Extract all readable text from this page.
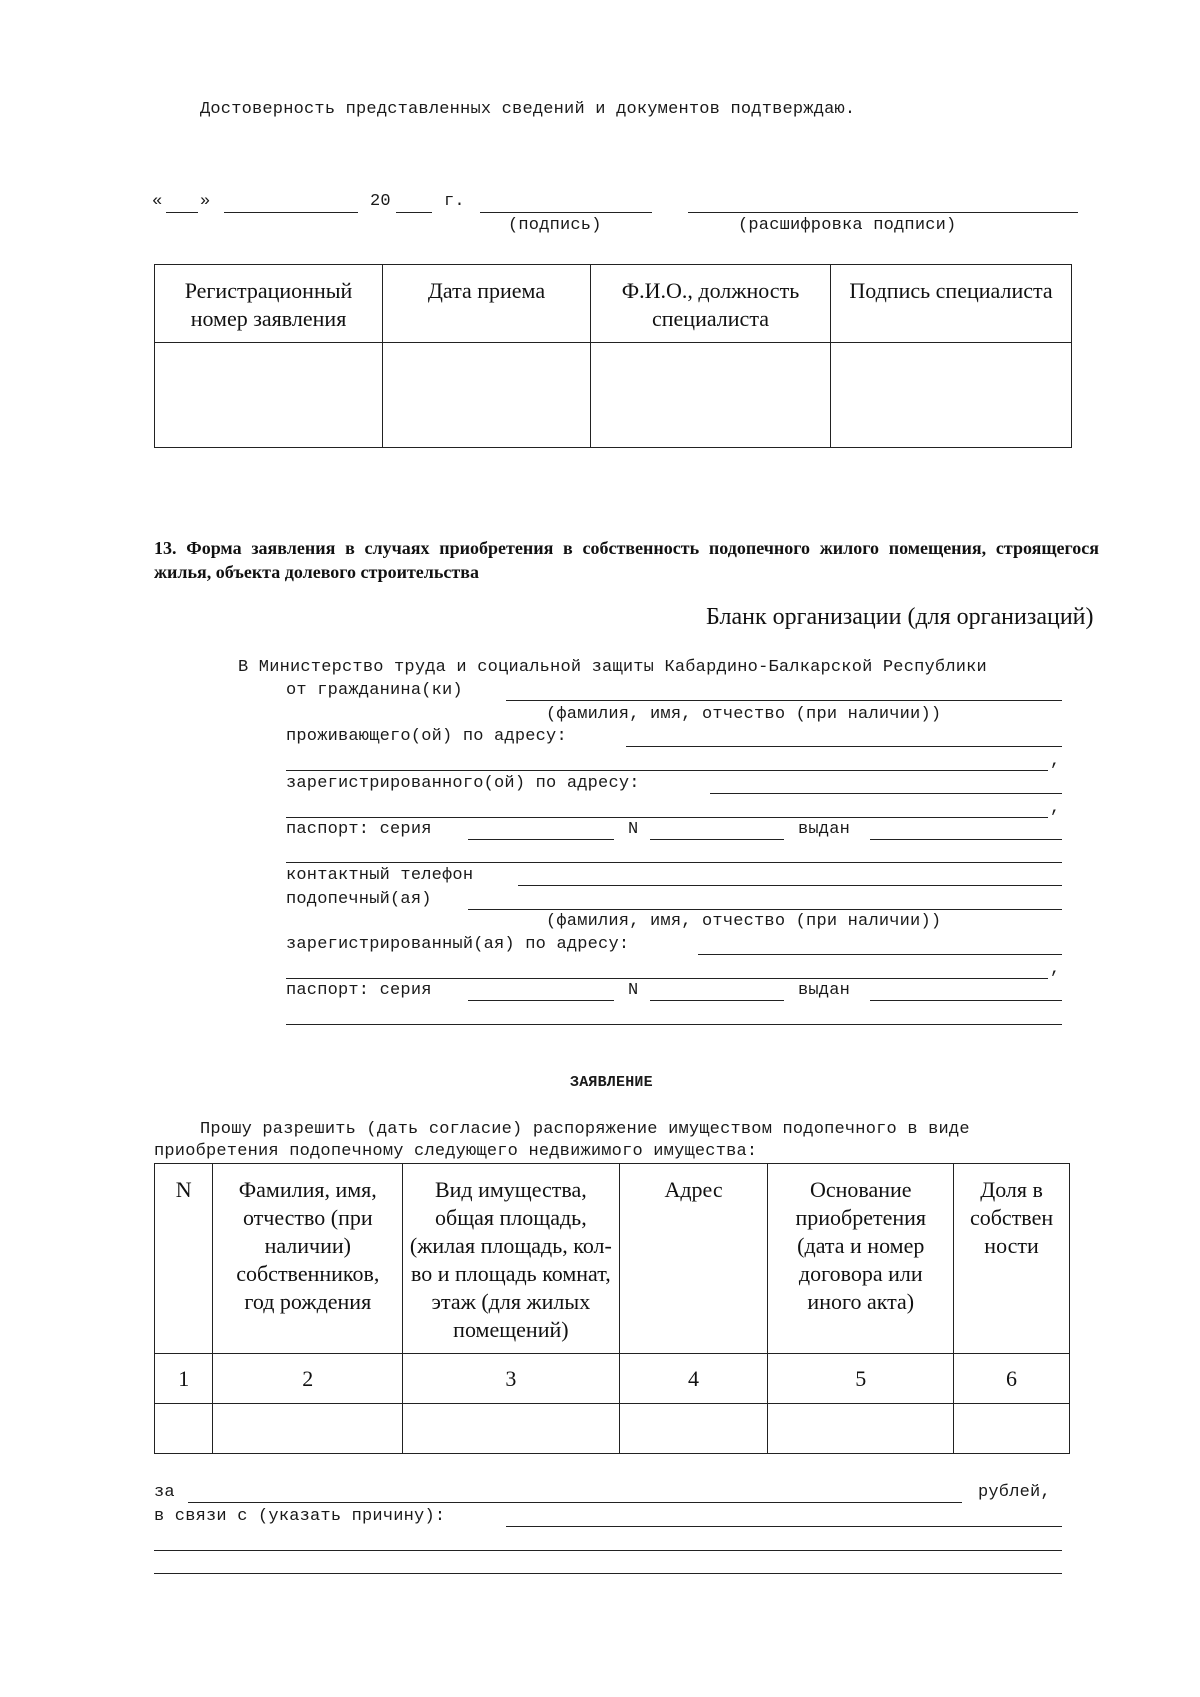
Достоверность представленных сведений и документов подтверждаю.
« »	20	г.
(подпись)	(расшифровка подписи)
Регистрационный номер заявления	Дата приема	Ф.И.О., должность специалиста	Подпись специалиста

13. Форма заявления в случаях приобретения в собственность подопечного жилого помещения, строящегося жилья, объекта долевого строительства
Бланк организации (для организаций)
В Министерство труда и социальной защиты Кабардино-Балкарской Республики
от гражданина(ки)
(фамилия, имя, отчество (при наличии))
проживающего(ой) по адресу:
,
зарегистрированного(ой) по адресу:
,
паспорт: серия	N	выдан
контактный телефон
подопечный(ая)
(фамилия, имя, отчество (при наличии))
зарегистрированный(ая) по адресу:
,
паспорт: серия	N	выдан
ЗАЯВЛЕНИЕ
Прошу разрешить (дать согласие) распоряжение имуществом подопечного в виде
приобретения подопечному следующего недвижимого имущества:
N	Фамилия, имя, отчество (при наличии) собственников, год рождения	Вид имущества, общая площадь, (жилая площадь, кол-во и площадь комнат, этаж (для жилых помещений)	Адрес	Основание приобретения (дата и номер договора или иного акта)	Доля в собствен ности
1	2	3	4	5	6

за	рублей,
в связи с (указать причину):
